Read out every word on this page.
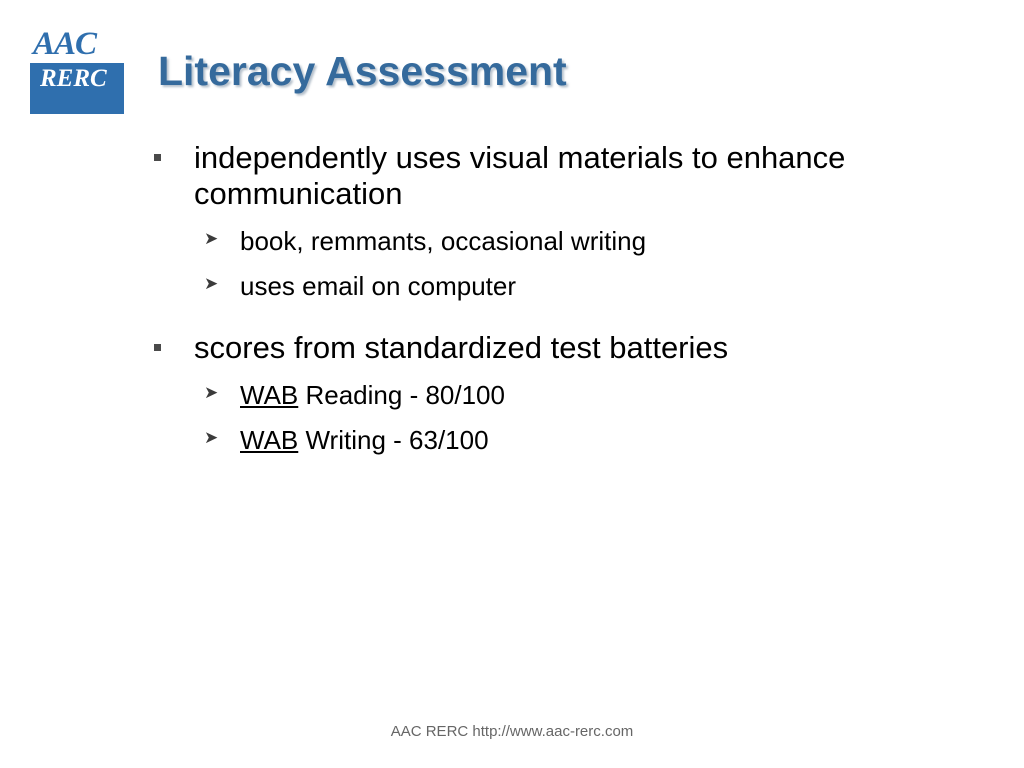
AAC
RERC Literacy Assessment
independently uses visual materials to enhance communication
➤ book, remmants, occasional writing
➤ uses email on computer
scores from standardized test batteries
➤ WAB Reading - 80/100
➤ WAB Writing - 63/100
AAC RERC http://www.aac-rerc.com
